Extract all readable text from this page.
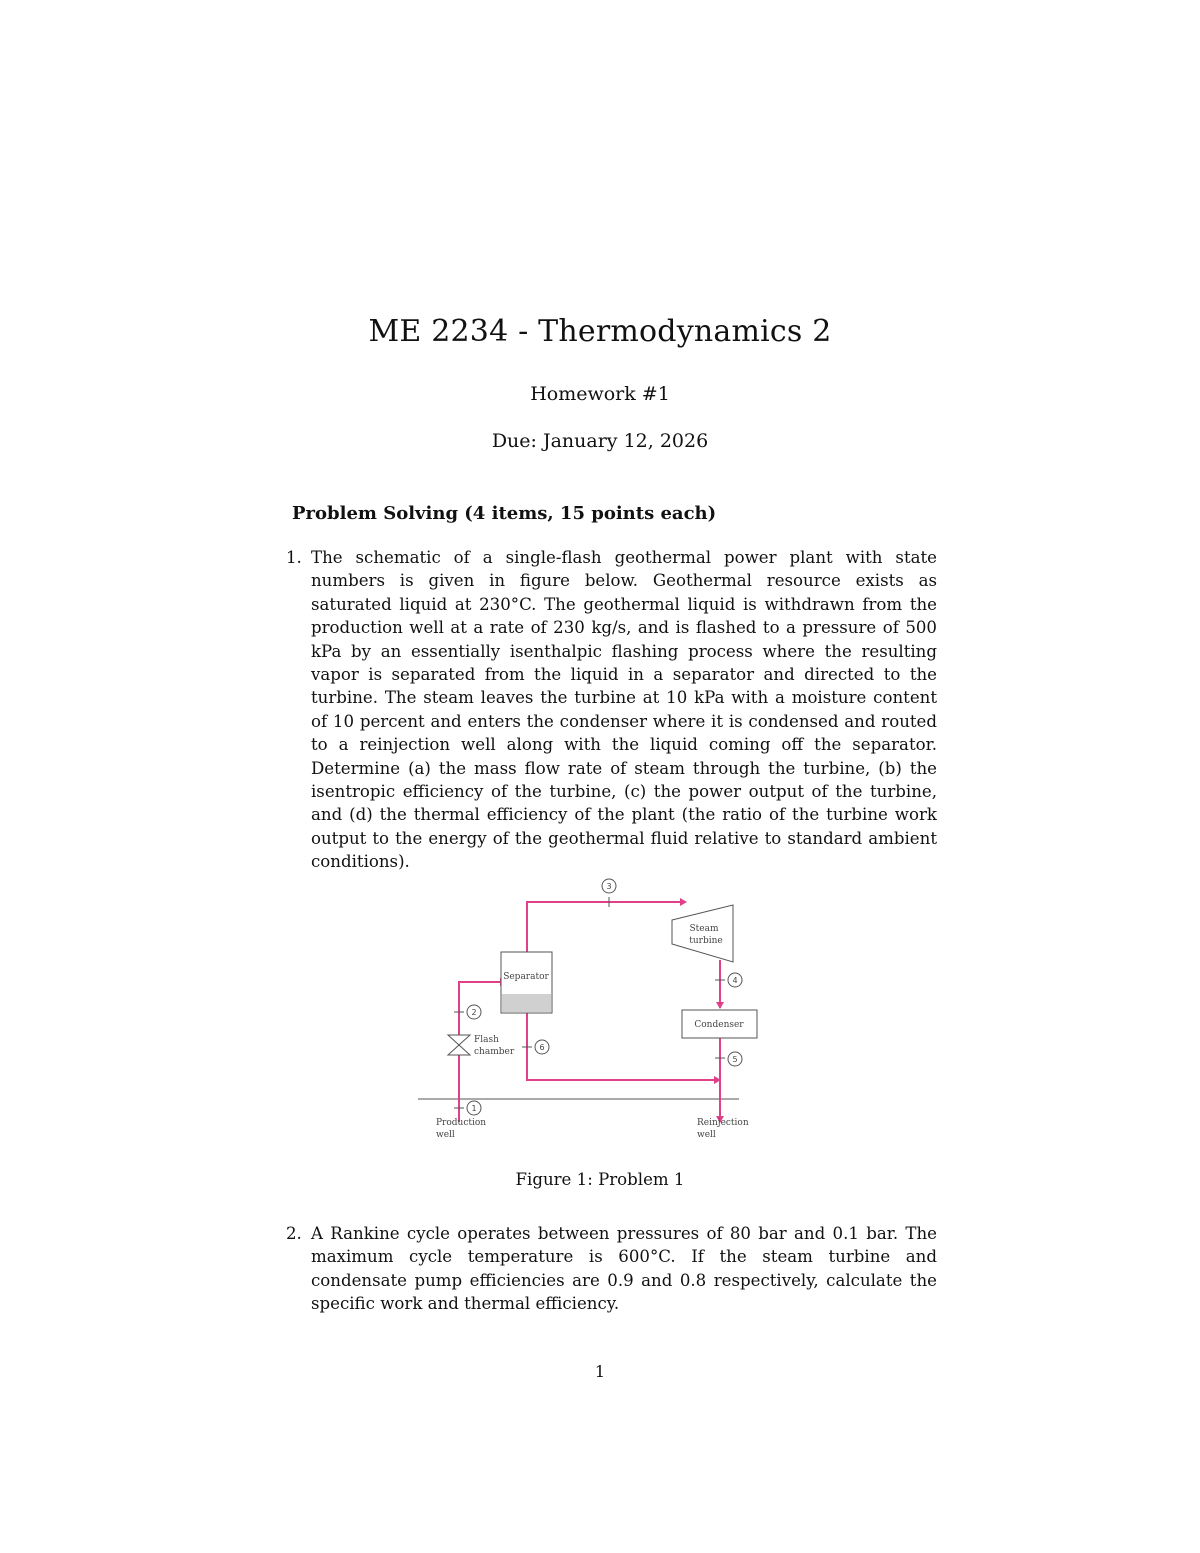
ME 2234 - Thermodynamics 2
Homework #1
Due: January 12, 2026
Problem Solving (4 items, 15 points each)
1. The schematic of a single-flash geothermal power plant with state numbers is given in figure below. Geothermal resource exists as saturated liquid at 230°C. The geothermal liquid is withdrawn from the production well at a rate of 230 kg/s, and is flashed to a pressure of 500 kPa by an essentially isenthalpic flashing process where the resulting vapor is separated from the liquid in a separator and directed to the turbine. The steam leaves the turbine at 10 kPa with a moisture content of 10 percent and enters the condenser where it is condensed and routed to a reinjection well along with the liquid coming off the separator. Determine (a) the mass flow rate of steam through the turbine, (b) the isentropic efficiency of the turbine, (c) the power output of the turbine, and (d) the thermal efficiency of the plant (the ratio of the turbine work output to the energy of the geothermal fluid relative to standard ambient conditions).
Separator
Steam
turbine
Condenser
Flash
chamber
3
4
5
6
2
1
Production
well
Reinjection
well
Figure 1: Problem 1
2. A Rankine cycle operates between pressures of 80 bar and 0.1 bar. The maximum cycle temperature is 600°C. If the steam turbine and condensate pump efficiencies are 0.9 and 0.8 respectively, calculate the specific work and thermal efficiency.
1
